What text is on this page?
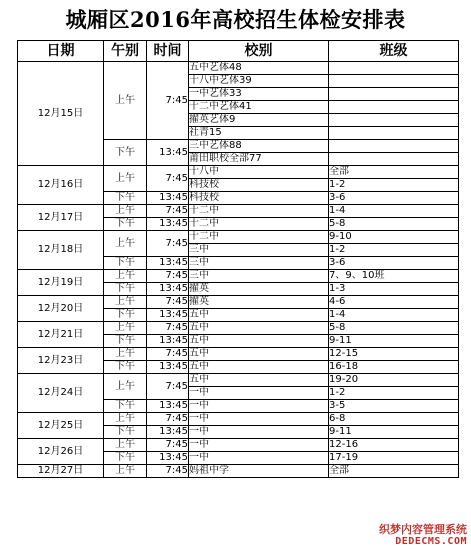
城厢区2016年高校招生体检安排表
日期	午别	时间	校别	班级
12月15日	上午	7:45	五中艺体48	
			十八中艺体39	
			一中艺体33	
			十二中艺体41	
			擢英艺体9	
			社青15	
	下午	13:45	三中艺体88	
			莆田职校全部77	
12月16日	上午	7:45	十八中	全部
			科技校	1-2
	下午	13:45	科技校	3-6
12月17日	上午	7:45	十二中	1-4
	下午	13:45	十二中	5-8
12月18日	上午	7:45	十二中	9-10
			三中	1-2
	下午	13:45	三中	3-6
12月19日	上午	7:45	三中	7、9、10班
	下午	13:45	擢英	1-3
12月20日	上午	7:45	擢英	4-6
	下午	13:45	五中	1-4
12月21日	上午	7:45	五中	5-8
	下午	13:45	五中	9-11
12月23日	上午	7:45	五中	12-15
	下午	13:45	五中	16-18
12月24日	上午	7:45	五中	19-20
			一中	1-2
	下午	13:45	一中	3-5
12月25日	上午	7:45	一中	6-8
	下午	13:45	一中	9-11
12月26日	上午	7:45	一中	12-16
	下午	13:45	一中	17-19
12月27日	上午	7:45	妈祖中学	全部
织梦内容管理系统
DEDECMS.COM
